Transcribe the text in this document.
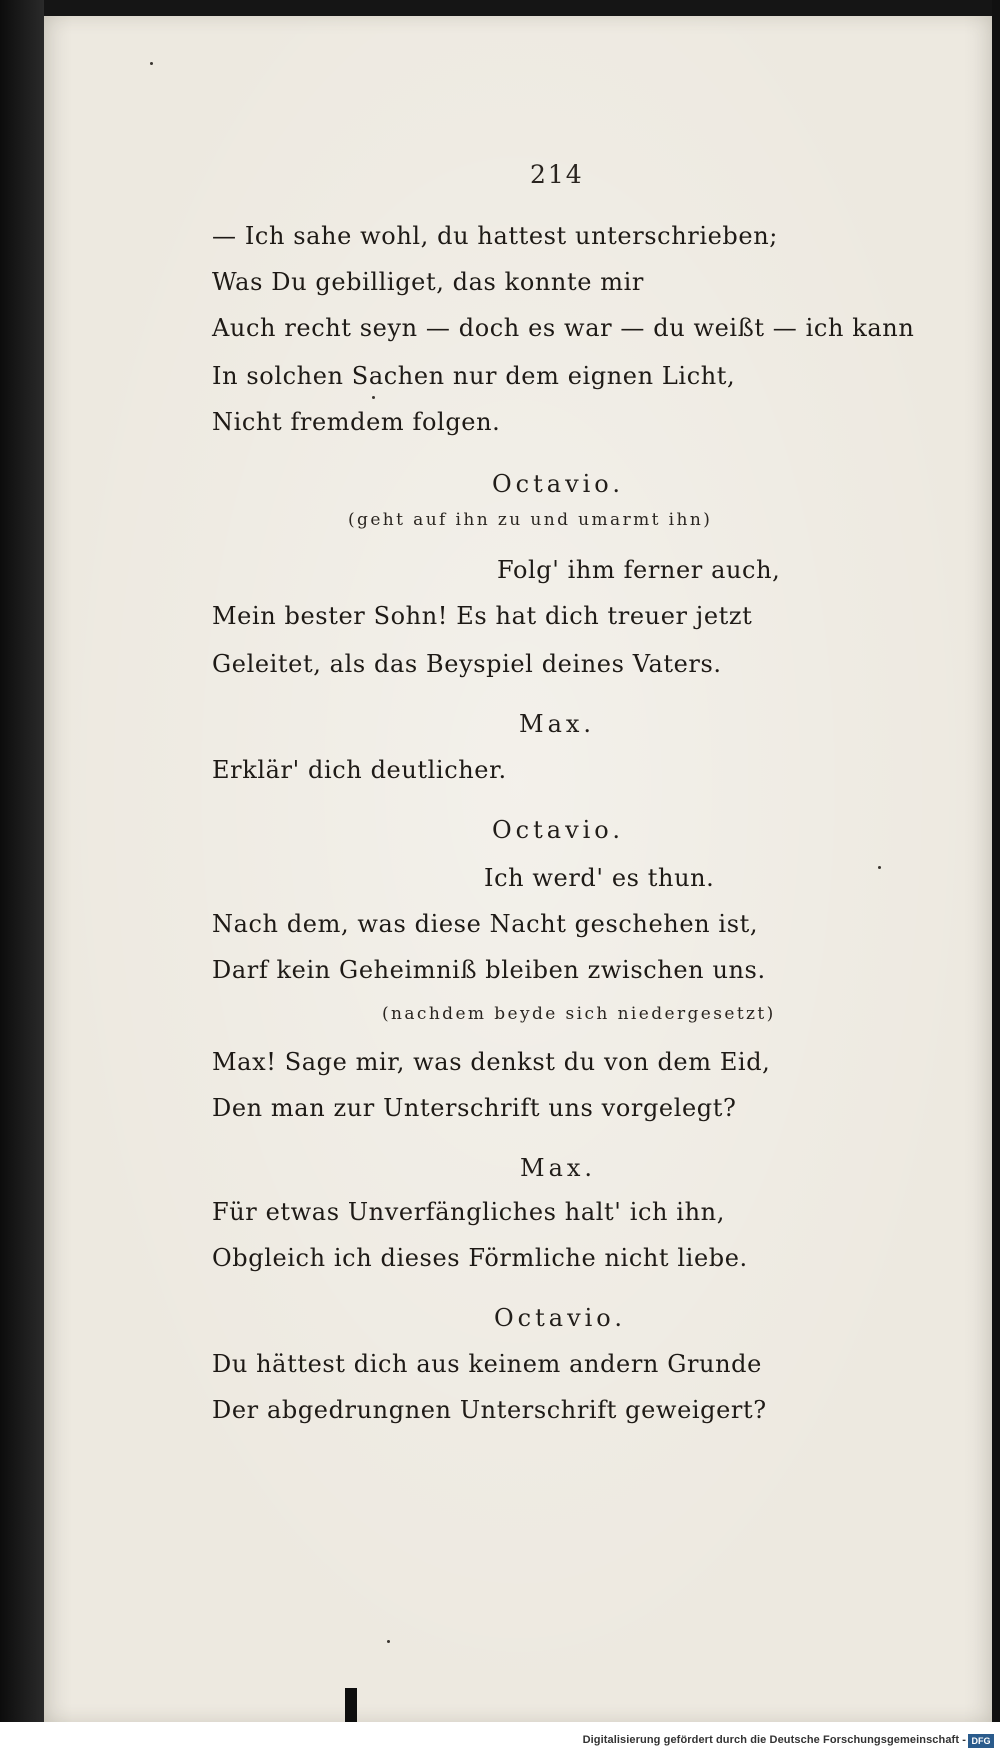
214
— Ich sahe wohl, du hattest unterschrieben;
Was Du gebilliget, das konnte mir
Auch recht seyn — doch es war — du weißt — ich kann
In solchen Sachen nur dem eignen Licht,
Nicht fremdem folgen.
Octavio.
(geht auf ihn zu und umarmt ihn)
Folg' ihm ferner auch,
Mein bester Sohn! Es hat dich treuer jetzt
Geleitet, als das Beyspiel deines Vaters.
Max.
Erklär' dich deutlicher.
Octavio.
Ich werd' es thun.
Nach dem, was diese Nacht geschehen ist,
Darf kein Geheimniß bleiben zwischen uns.
(nachdem beyde sich niedergesetzt)
Max! Sage mir, was denkst du von dem Eid,
Den man zur Unterschrift uns vorgelegt?
Max.
Für etwas Unverfängliches halt' ich ihn,
Obgleich ich dieses Förmliche nicht liebe.
Octavio.
Du hättest dich aus keinem andern Grunde
Der abgedrungnen Unterschrift geweigert?
Digitalisierung gefördert durch die Deutsche Forschungsgemeinschaft - DFG
